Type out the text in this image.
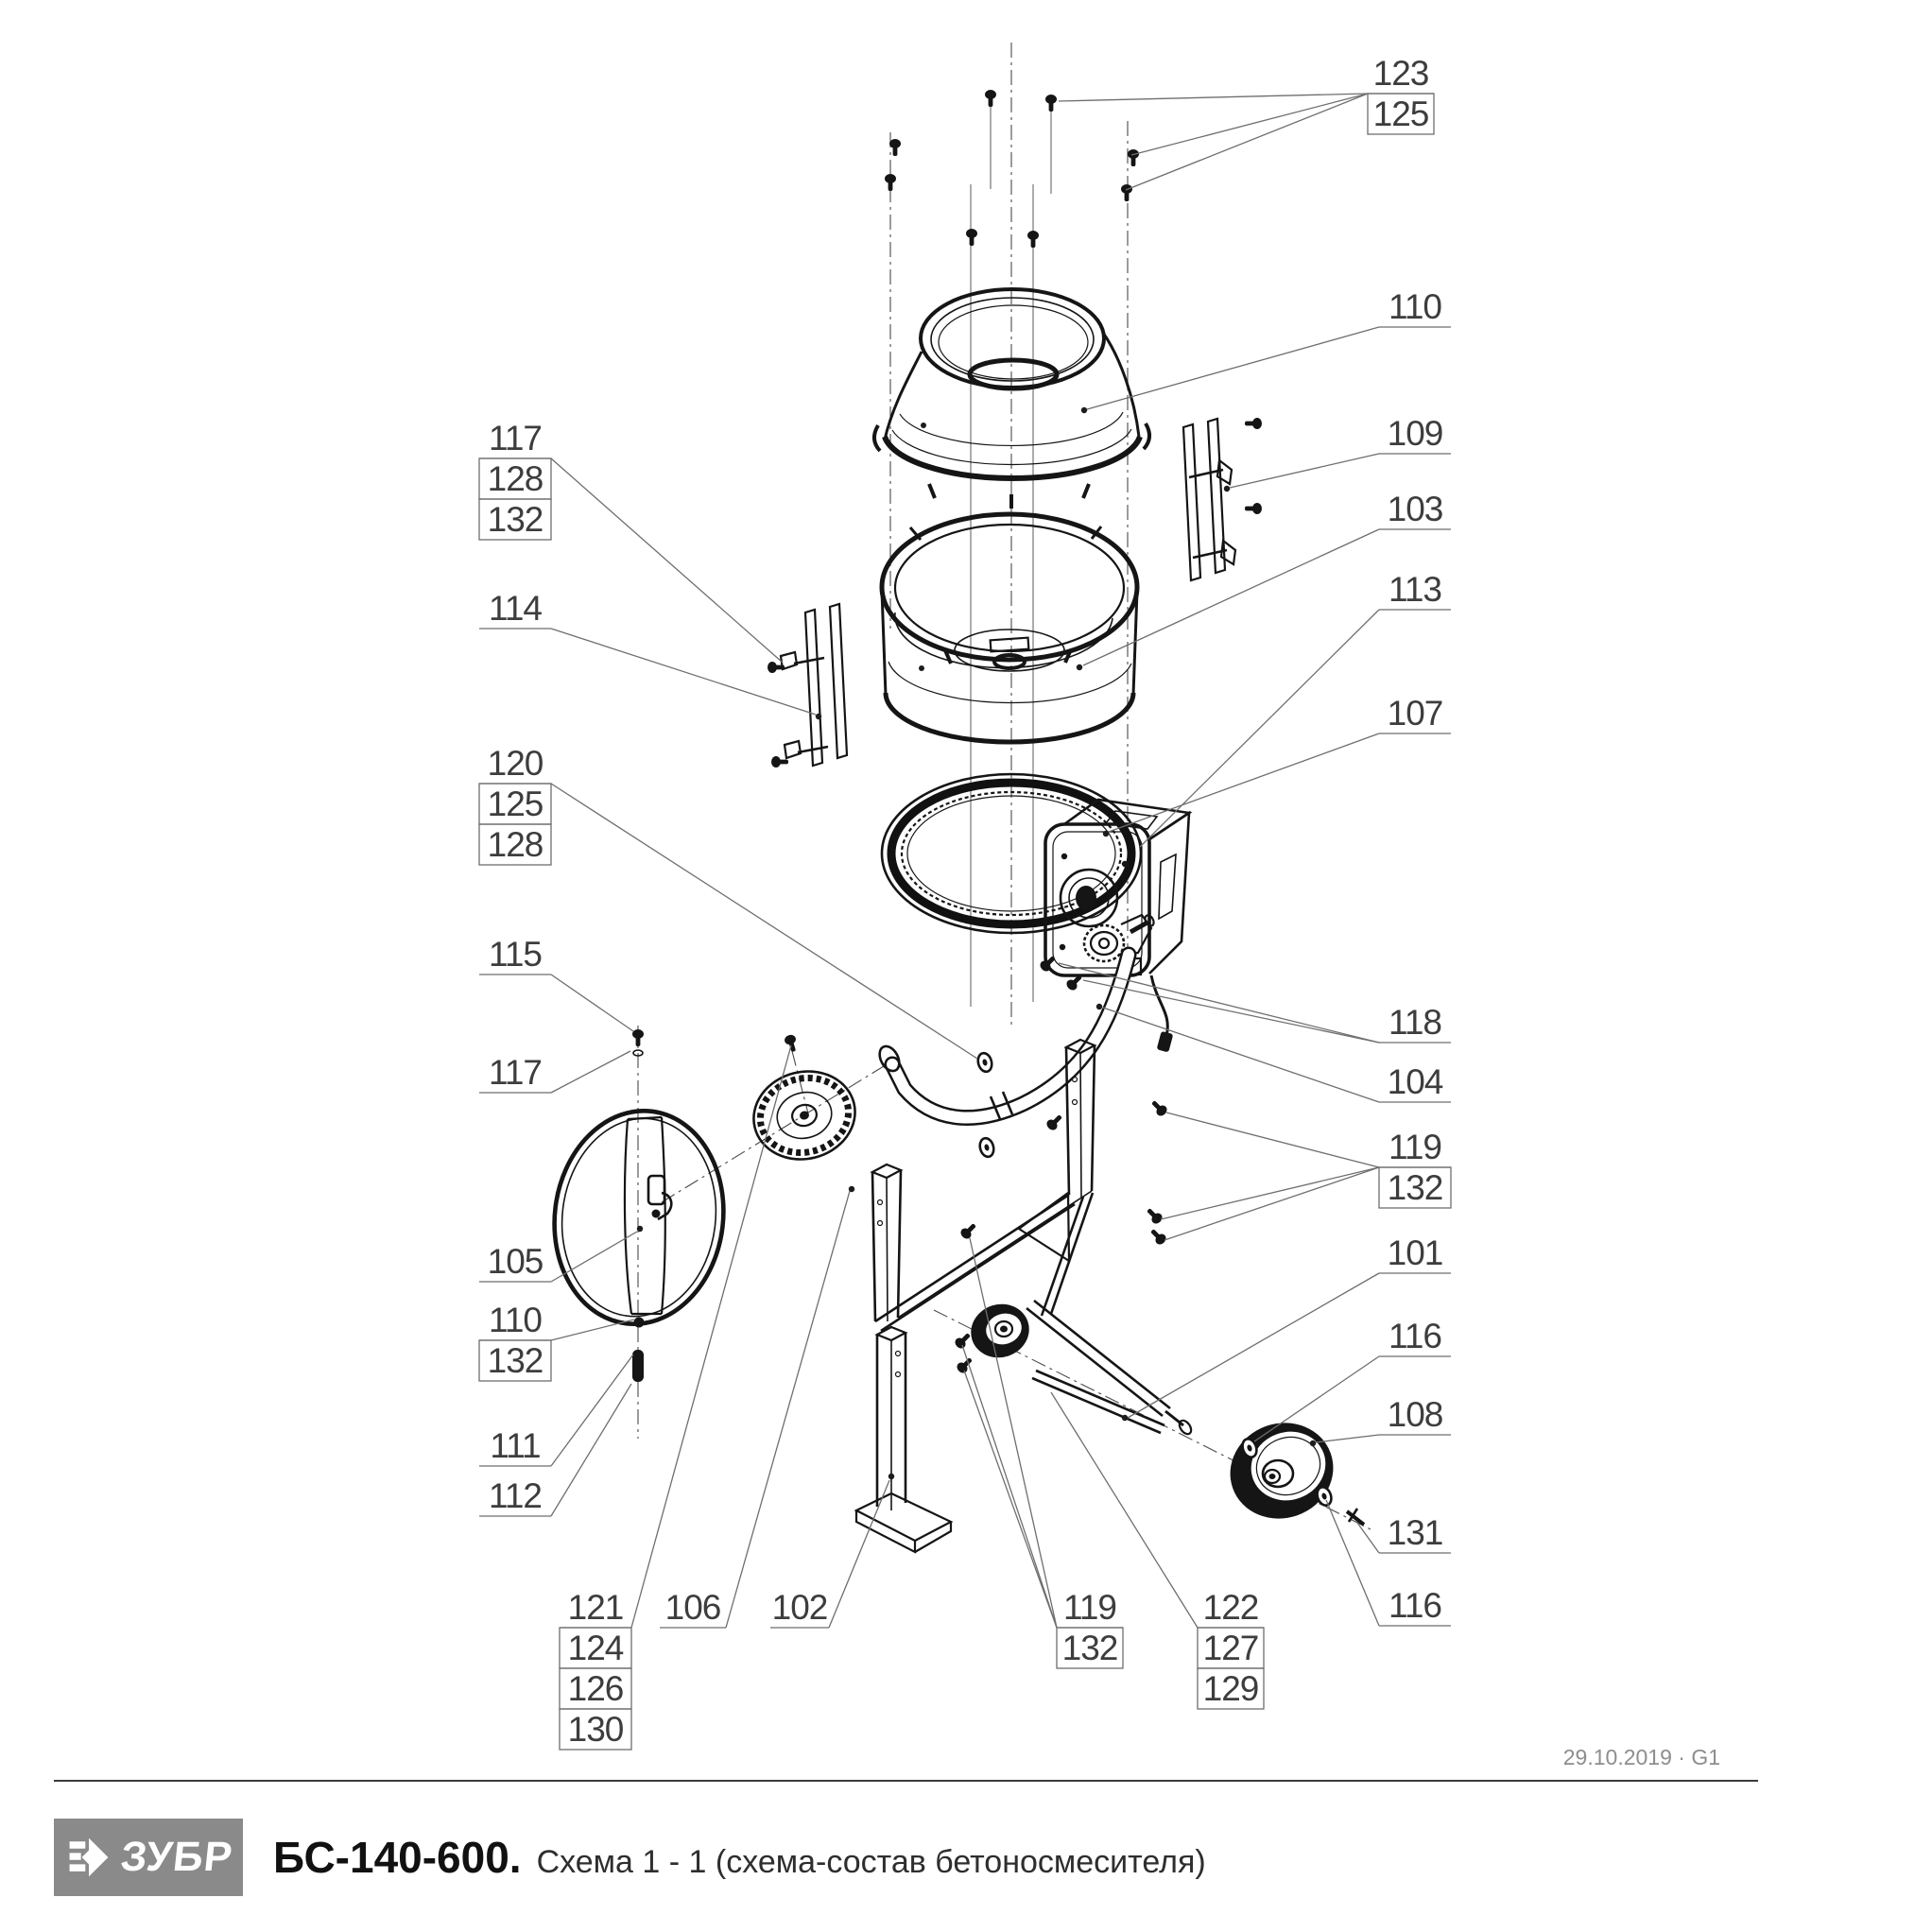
123
125
110
109
103
113
107
118
104
119
132
101
116
108
131
116
117
128
132
114
120
125
128
115
117
105
110
132
111
112
121
124
126
130
106 102	119
132
122
127
129
29.10.2019 · G1
ЗУБР БС-140-600. Схема 1 - 1 (схема-состав бетоносмесителя)
